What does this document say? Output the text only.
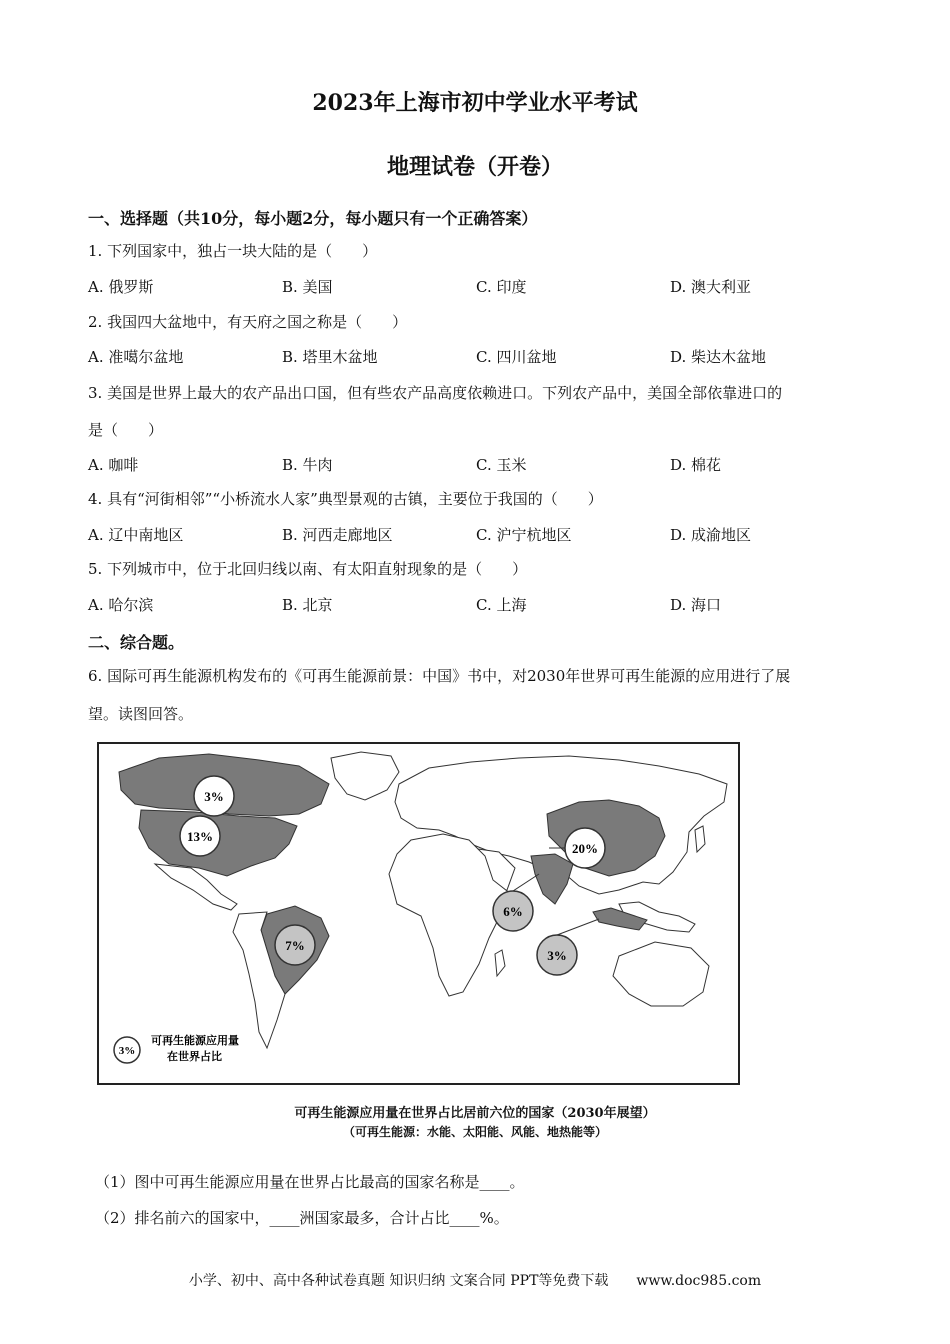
2023年上海市初中学业水平考试
地理试卷（开卷）
一、选择题（共10分，每小题2分，每小题只有一个正确答案）
1. 下列国家中，独占一块大陆的是（　　）
A. 俄罗斯	B. 美国	C. 印度	D. 澳大利亚
2. 我国四大盆地中，有天府之国之称是（　　）
A. 准噶尔盆地	B. 塔里木盆地	C. 四川盆地	D. 柴达木盆地
3. 美国是世界上最大的农产品出口国，但有些农产品高度依赖进口。下列农产品中，美国全部依靠进口的
是（　　）
A. 咖啡	B. 牛肉	C. 玉米	D. 棉花
4. 具有“河街相邻”“小桥流水人家”典型景观的古镇，主要位于我国的（　　）
A. 辽中南地区	B. 河西走廊地区	C. 沪宁杭地区	D. 成渝地区
5. 下列城市中，位于北回归线以南、有太阳直射现象的是（　　）
A. 哈尔滨	B. 北京	C. 上海	D. 海口
二、综合题。
6. 国际可再生能源机构发布的《可再生能源前景：中国》书中，对2030年世界可再生能源的应用进行了展
望。读图回答。
3%
13%
7%
6%
20%
3%
3%
可再生能源应用量
在世界占比
可再生能源应用量在世界占比居前六位的国家（2030年展望）
（可再生能源：水能、太阳能、风能、地热能等）
（1）图中可再生能源应用量在世界占比最高的国家名称是____。
（2）排名前六的国家中，____洲国家最多，合计占比____%。
小学、初中、高中各种试卷真题 知识归纳 文案合同 PPT等免费下载 www.doc985.com
